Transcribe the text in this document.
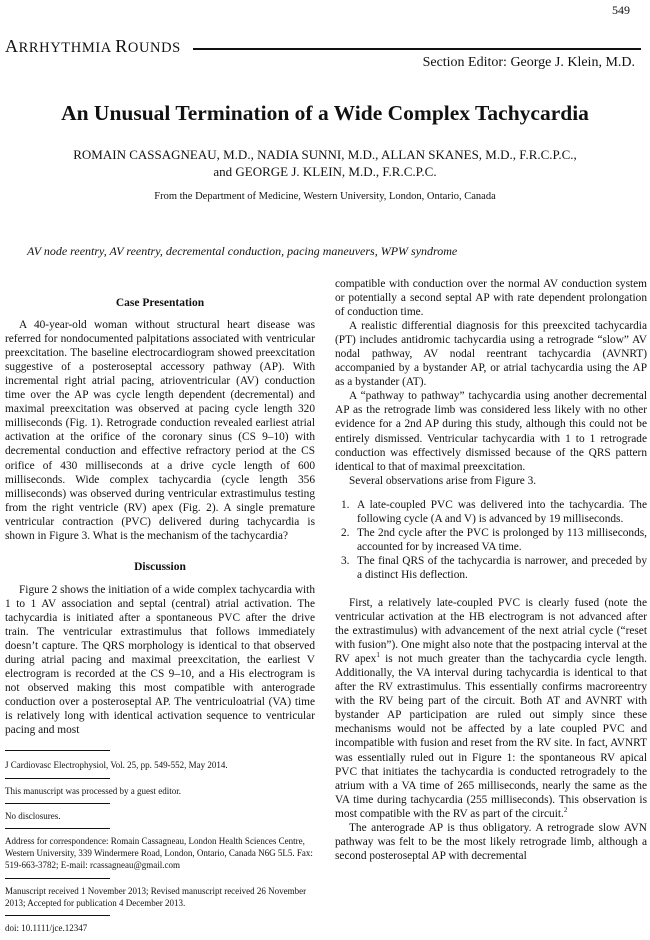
549
ARRHYTHMIA ROUNDS
Section Editor: George J. Klein, M.D.
An Unusual Termination of a Wide Complex Tachycardia
ROMAIN CASSAGNEAU, M.D., NADIA SUNNI, M.D., ALLAN SKANES, M.D., F.R.C.P.C.,
and GEORGE J. KLEIN, M.D., F.R.C.P.C.
From the Department of Medicine, Western University, London, Ontario, Canada
AV node reentry, AV reentry, decremental conduction, pacing maneuvers, WPW syndrome
Case Presentation

A 40-year-old woman without structural heart disease was referred for nondocumented palpitations associated with ventricular preexcitation. The baseline electrocardiogram showed preexcitation suggestive of a posteroseptal accessory pathway (AP). With incremental right atrial pacing, atrioventricular (AV) conduction time over the AP was cycle length dependent (decremental) and maximal preexcitation was observed at pacing cycle length 320 milliseconds (Fig. 1). Retrograde conduction revealed earliest atrial activation at the orifice of the coronary sinus (CS 9–10) with decremental conduction and effective refractory period at the CS orifice of 430 milliseconds at a drive cycle length of 600 milliseconds. Wide complex tachycardia (cycle length 356 milliseconds) was observed during ventricular extrastimulus testing from the right ventricle (RV) apex (Fig. 2). A single premature ventricular contraction (PVC) delivered during tachycardia is shown in Figure 3. What is the mechanism of the tachycardia?

Discussion

Figure 2 shows the initiation of a wide complex tachycardia with 1 to 1 AV association and septal (central) atrial activation. The tachycardia is initiated after a spontaneous PVC after the drive train. The ventricular extrastimulus that follows immediately doesn’t capture. The QRS morphology is identical to that observed during atrial pacing and maximal preexcitation, the earliest V electrogram is recorded at the CS 9–10, and a His electrogram is not observed making this most compatible with anterograde conduction over a posteroseptal AP. The ventriculoatrial (VA) time is relatively long with identical activation sequence to ventricular pacing and most

J Cardiovasc Electrophysiol, Vol. 25, pp. 549-552, May 2014.
This manuscript was processed by a guest editor.
No disclosures.
Address for correspondence: Romain Cassagneau, London Health Sciences Centre, Western University, 339 Windermere Road, London, Ontario, Canada N6G 5L5. Fax: 519-663-3782; E-mail: rcassagneau@gmail.com
Manuscript received 1 November 2013; Revised manuscript received 26 November 2013; Accepted for publication 4 December 2013.
doi: 10.1111/jce.12347

compatible with conduction over the normal AV conduction system or potentially a second septal AP with rate dependent prolongation of conduction time.

A realistic differential diagnosis for this preexcited tachycardia (PT) includes antidromic tachycardia using a retrograde “slow” AV nodal pathway, AV nodal reentrant tachycardia (AVNRT) accompanied by a bystander AP, or atrial tachycardia using the AP as a bystander (AT).

A “pathway to pathway” tachycardia using another decremental AP as the retrograde limb was considered less likely with no other evidence for a 2nd AP during this study, although this could not be entirely dismissed. Ventricular tachycardia with 1 to 1 retrograde conduction was effectively dismissed because of the QRS pattern identical to that of maximal preexcitation.

Several observations arise from Figure 3.

1. A late-coupled PVC was delivered into the tachycardia. The following cycle (A and V) is advanced by 19 milliseconds.
2. The 2nd cycle after the PVC is prolonged by 113 milliseconds, accounted for by increased VA time.
3. The final QRS of the tachycardia is narrower, and preceded by a distinct His deflection.

First, a relatively late-coupled PVC is clearly fused (note the ventricular activation at the HB electrogram is not advanced after the extrastimulus) with advancement of the next atrial cycle (“reset with fusion”). One might also note that the postpacing interval at the RV apex$^1$ is not much greater than the tachycardia cycle length. Additionally, the VA interval during tachycardia is identical to that after the RV extrastimulus. This essentially confirms macroreentry with the RV being part of the circuit. Both AT and AVNRT with bystander AP participation are ruled out simply since these mechanisms would not be affected by a late coupled PVC and incompatible with fusion and reset from the RV site. In fact, AVNRT was essentially ruled out in Figure 1: the spontaneous RV apical PVC that initiates the tachycardia is conducted retrogradely to the atrium with a VA time of 265 milliseconds, nearly the same as the VA time during tachycardia (255 milliseconds). This observation is most compatible with the RV as part of the circuit.$^2$

The anterograde AP is thus obligatory. A retrograde slow AVN pathway was felt to be the most likely retrograde limb, although a second posteroseptal AP with decremental
